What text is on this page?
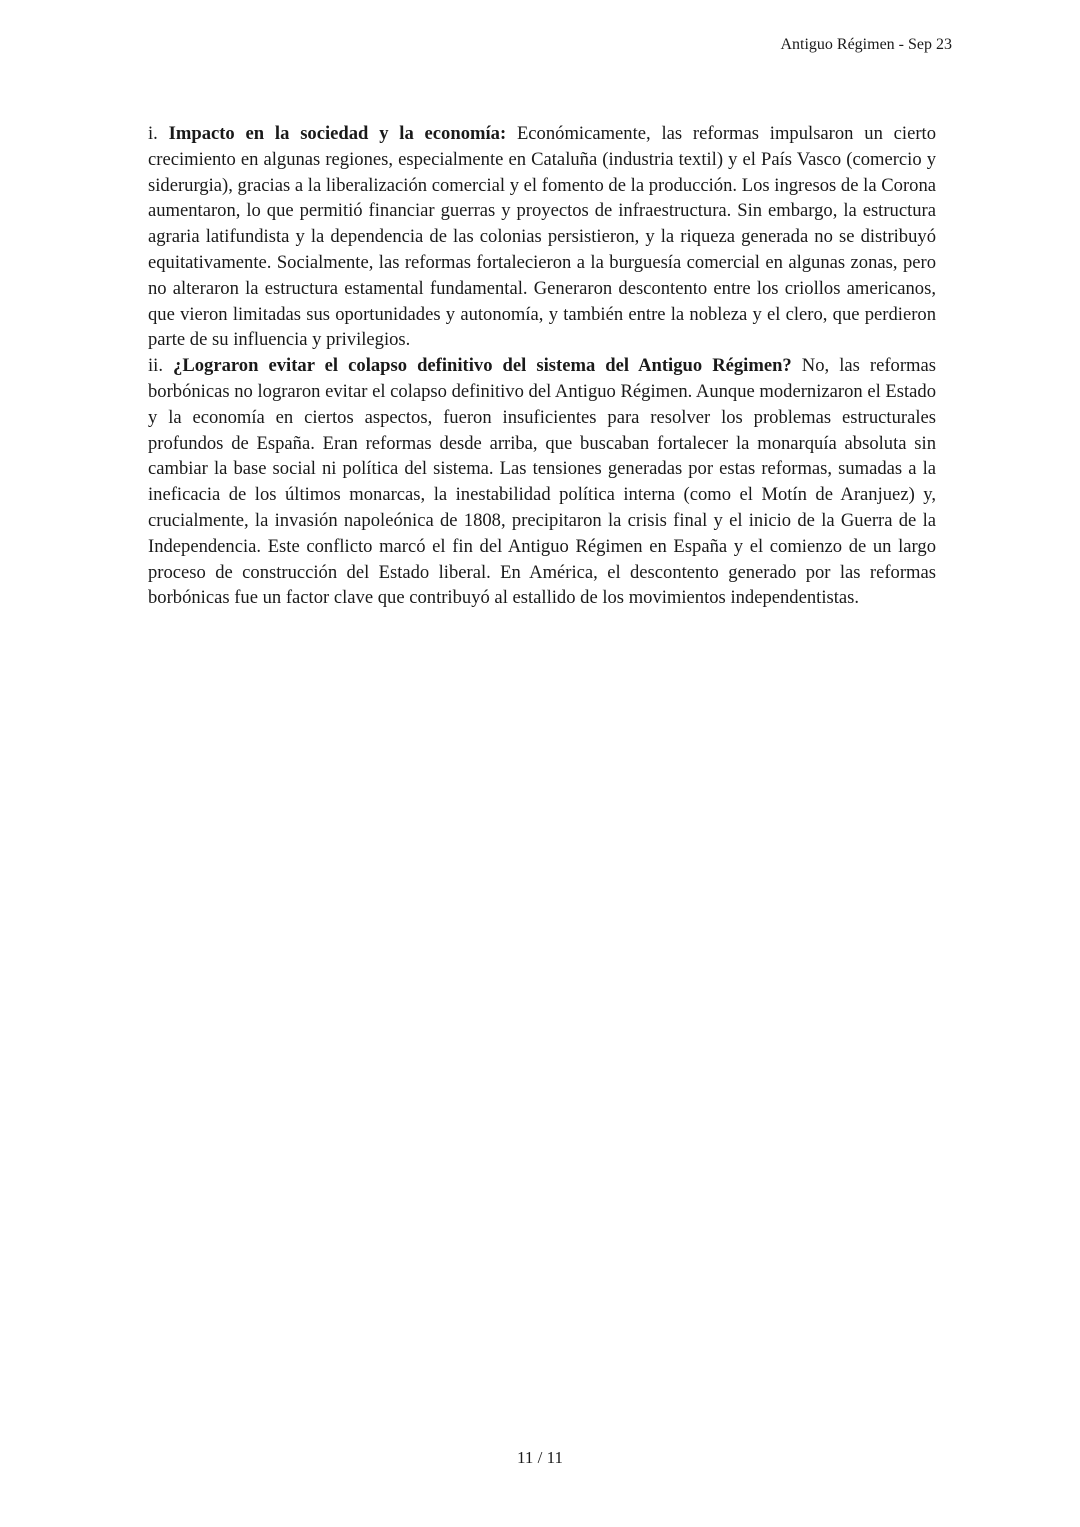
Antiguo Régimen - Sep 23

i. Impacto en la sociedad y la economía: Económicamente, las reformas impulsaron un cierto crecimiento en algunas regiones, especialmente en Cataluña (industria textil) y el País Vasco (comercio y siderurgia), gracias a la liberalización comercial y el fomento de la producción. Los ingresos de la Corona aumentaron, lo que permitió financiar guerras y proyectos de infraestructura. Sin embargo, la estructura agraria latifundista y la dependencia de las colonias persistieron, y la riqueza generada no se distribuyó equitativamente. Socialmente, las reformas fortalecieron a la burguesía comercial en algunas zonas, pero no alteraron la estructura estamental fundamental. Generaron descontento entre los criollos americanos, que vieron limitadas sus oportunidades y autonomía, y también entre la nobleza y el clero, que perdieron parte de su influencia y privilegios.

ii. ¿Lograron evitar el colapso definitivo del sistema del Antiguo Régimen? No, las reformas borbónicas no lograron evitar el colapso definitivo del Antiguo Régimen. Aunque modernizaron el Estado y la economía en ciertos aspectos, fueron insuficientes para resolver los problemas estructurales profundos de España. Eran reformas desde arriba, que buscaban fortalecer la monarquía absoluta sin cambiar la base social ni política del sistema. Las tensiones generadas por estas reformas, sumadas a la ineficacia de los últimos monarcas, la inestabilidad política interna (como el Motín de Aranjuez) y, crucialmente, la invasión napoleónica de 1808, precipitaron la crisis final y el inicio de la Guerra de la Independencia. Este conflicto marcó el fin del Antiguo Régimen en España y el comienzo de un largo proceso de construcción del Estado liberal. En América, el descontento generado por las reformas borbónicas fue un factor clave que contribuyó al estallido de los movimientos independentistas.

11 / 11
